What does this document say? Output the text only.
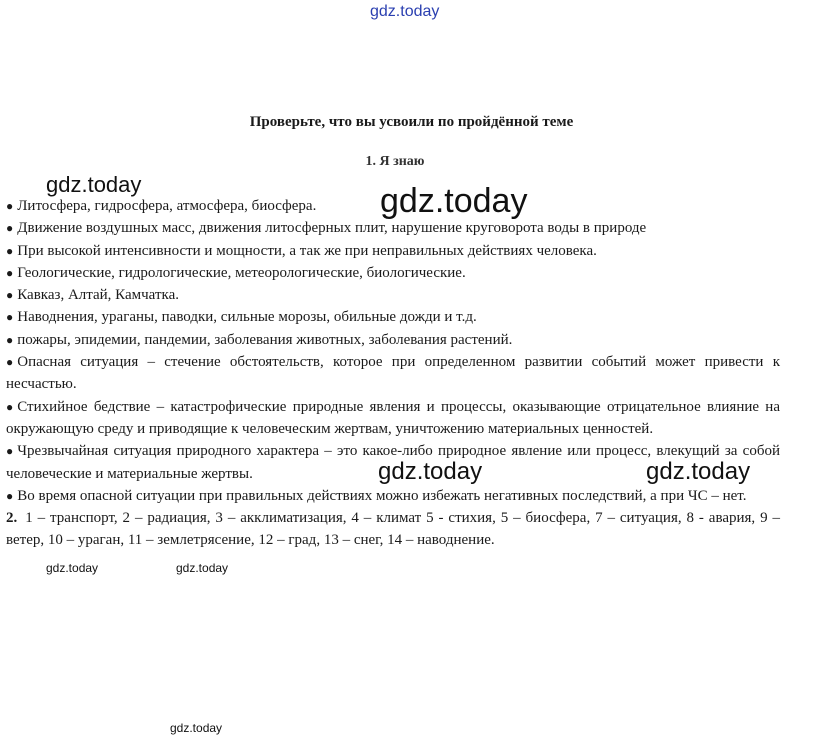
gdz.today
gdz.today	gdz.today
Проверьте, что вы усвоили по пройдённой теме
1. Я знаю

● Литосфера, гидросфера, атмосфера, биосфера.

● Движение воздушных масс, движения литосферных плит, нарушение круговорота воды в природе

● При высокой интенсивности и мощности, а так же при неправильных действиях человека.

● Геологические, гидрологические, метеорологические, биологические.

● Кавказ, Алтай, Камчатка.

● Наводнения, ураганы, паводки, сильные морозы, обильные дожди и т.д.

● пожары, эпидемии, пандемии, заболевания животных, заболевания растений.

● Опасная ситуация – стечение обстоятельств, которое при определенном развитии событий может привести к несчастью.

● Стихийное бедствие – катастрофические природные явления и процессы, оказывающие отрицательное влияние на окружающую среду и приводящие к человеческим жертвам, уничтожению материальных ценностей.

● Чрезвычайная ситуация природного характера – это какое-либо природное явление или процесс, влекущий за собой человеческие и материальные жертвы.

● Во время опасной ситуации при правильных действиях можно избежать негативных последствий, а при ЧС – нет.

2. 1 – транспорт, 2 – радиация, 3 – акклиматизация, 4 – климат 5 - стихия, 5 – биосфера, 7 – ситуация, 8 - авария, 9 – ветер, 10 – ураган, 11 – землетрясение, 12 – град, 13 – снег, 14 – наводнение.

gdz.today	gdz.today
gdz.today	gdz.today
gdz.today
